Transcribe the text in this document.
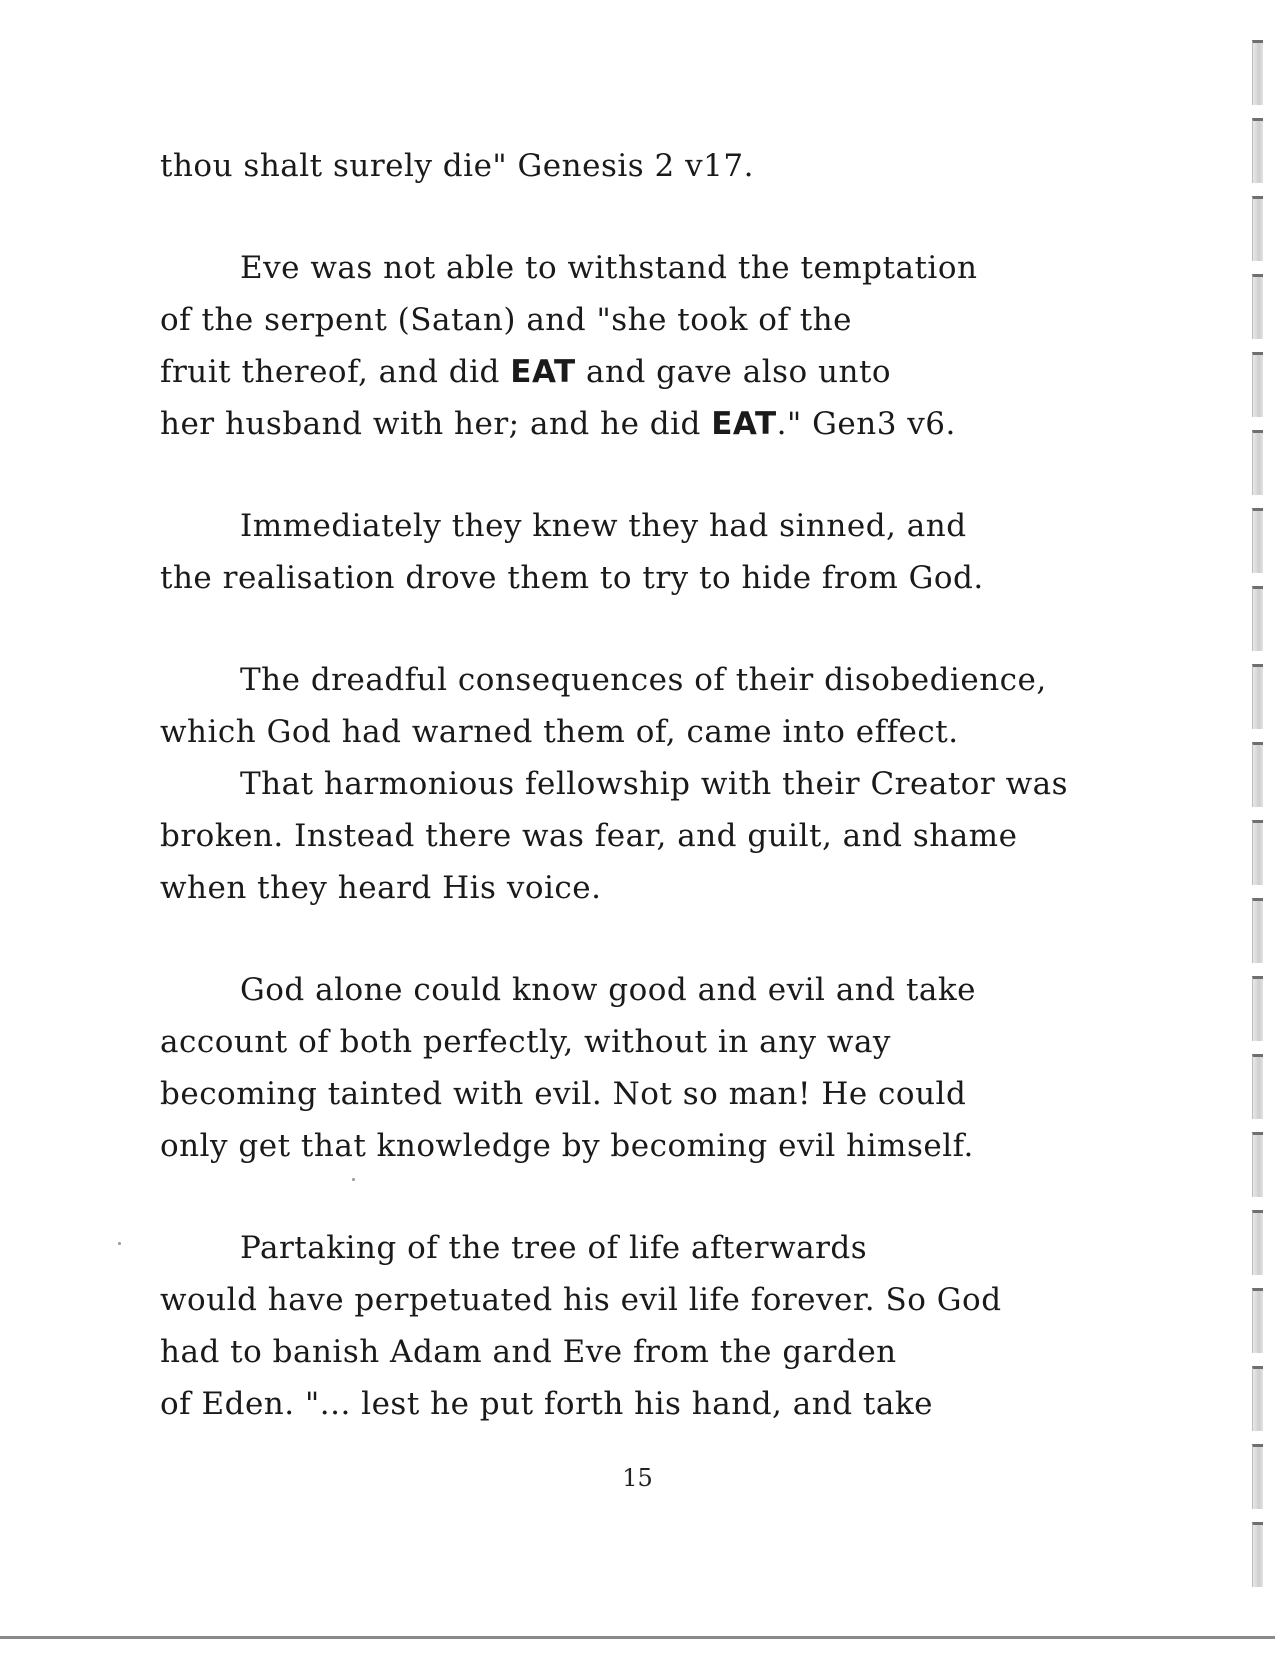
thou shalt surely die" Genesis 2 v17.
Eve was not able to withstand the temptation
of the serpent (Satan) and "she took of the
fruit thereof, and did EAT and gave also unto
her husband with her; and he did EAT." Gen3 v6.
Immediately they knew they had sinned, and
the realisation drove them to try to hide from God.
The dreadful consequences of their disobedience,
which God had warned them of, came into effect.
That harmonious fellowship with their Creator was
broken. Instead there was fear, and guilt, and shame
when they heard His voice.
God alone could know good and evil and take
account of both perfectly, without in any way
becoming tainted with evil. Not so man! He could
only get that knowledge by becoming evil himself.
Partaking of the tree of life afterwards
would have perpetuated his evil life forever. So God
had to banish Adam and Eve from the garden
of Eden. "... lest he put forth his hand, and take
15
